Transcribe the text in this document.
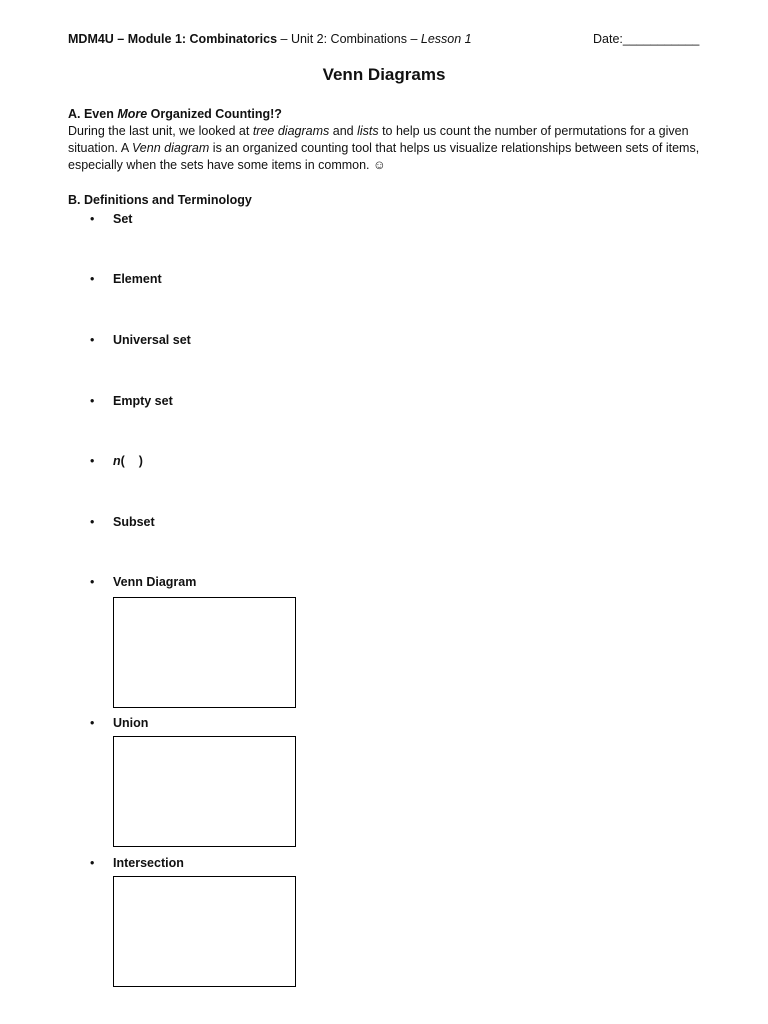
MDM4U – Module 1: Combinatorics – Unit 2: Combinations – Lesson 1	Date:___________
Venn Diagrams
A. Even More Organized Counting!?
During the last unit, we looked at tree diagrams and lists to help us count the number of permutations for a given situation. A Venn diagram is an organized counting tool that helps us visualize relationships between sets of items, especially when the sets have some items in common. ☺
B. Definitions and Terminology
• Set
• Element
• Universal set
• Empty set
• n(    )
• Subset
• Venn Diagram
• Union
• Intersection
